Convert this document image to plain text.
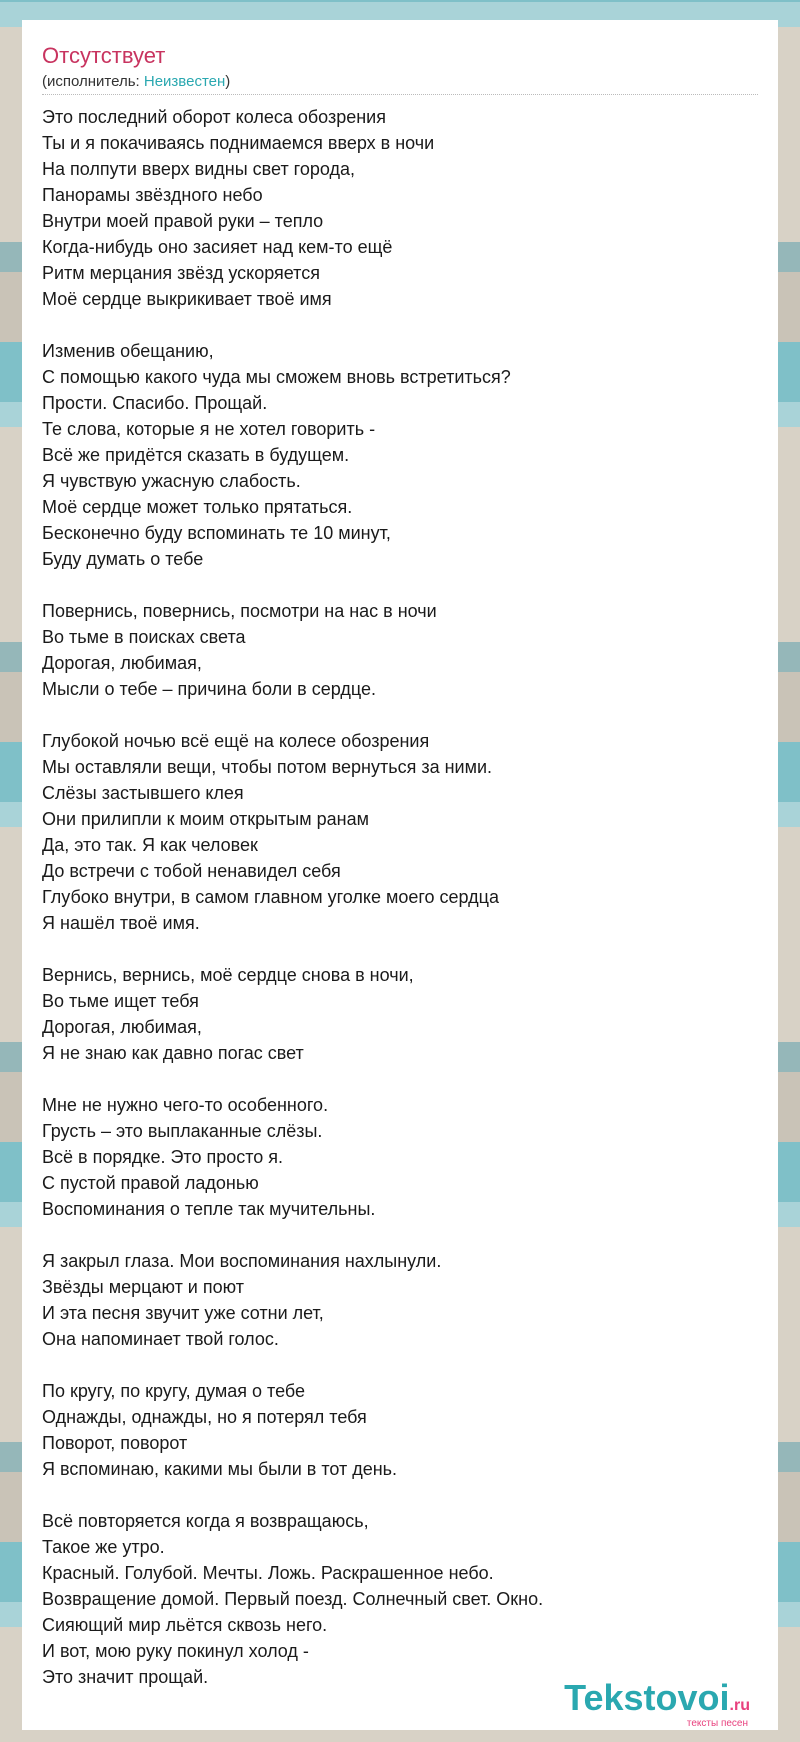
Отсутствует
(исполнитель: Неизвестен)
Это последний оборот колеса обозрения
Ты и я покачиваясь поднимаемся вверх в ночи
На полпути вверх видны свет города,
Панорамы звёздного небо
Внутри моей правой руки – тепло
Когда-нибудь оно засияет над кем-то ещё
Ритм мерцания звёзд ускоряется
Моё сердце выкрикивает твоё имя
Изменив обещанию,
С помощью какого чуда мы сможем вновь встретиться?
Прости. Спасибо. Прощай.
Те слова, которые я не хотел говорить -
Всё же придётся сказать в будущем.
Я чувствую ужасную слабость.
Моё сердце может только прятаться.
Бесконечно буду вспоминать те 10 минут,
Буду думать о тебе
Повернись, повернись, посмотри на нас в ночи
Во тьме в поисках света
Дорогая, любимая,
Мысли о тебе – причина боли в сердце.
Глубокой ночью всё ещё на колесе обозрения
Мы оставляли вещи, чтобы потом вернуться за ними.
Слёзы застывшего клея
Они прилипли к моим открытым ранам
Да, это так. Я как человек
До встречи с тобой ненавидел себя
Глубоко внутри, в самом главном уголке моего сердца
Я нашёл твоё имя.
Вернись, вернись, моё сердце снова в ночи,
Во тьме ищет тебя
Дорогая, любимая,
Я не знаю как давно погас свет
Мне не нужно чего-то особенного.
Грусть – это выплаканные слёзы.
Всё в порядке. Это просто я.
С пустой правой ладонью
Воспоминания о тепле так мучительны.
Я закрыл глаза. Мои воспоминания нахлынули.
Звёзды мерцают и поют
И эта песня звучит уже сотни лет,
Она напоминает твой голос.
По кругу, по кругу, думая о тебе
Однажды, однажды, но я потерял тебя
Поворот, поворот
Я вспоминаю, какими мы были в тот день.
Всё повторяется когда я возвращаюсь,
Такое же утро.
Красный. Голубой. Мечты. Ложь. Раскрашенное небо.
Возвращение домой. Первый поезд. Солнечный свет. Окно.
Сияющий мир льётся сквозь него.
И вот, мою руку покинул холод -
Это значит прощай.	Tekstovoi.ru
тексты песен
